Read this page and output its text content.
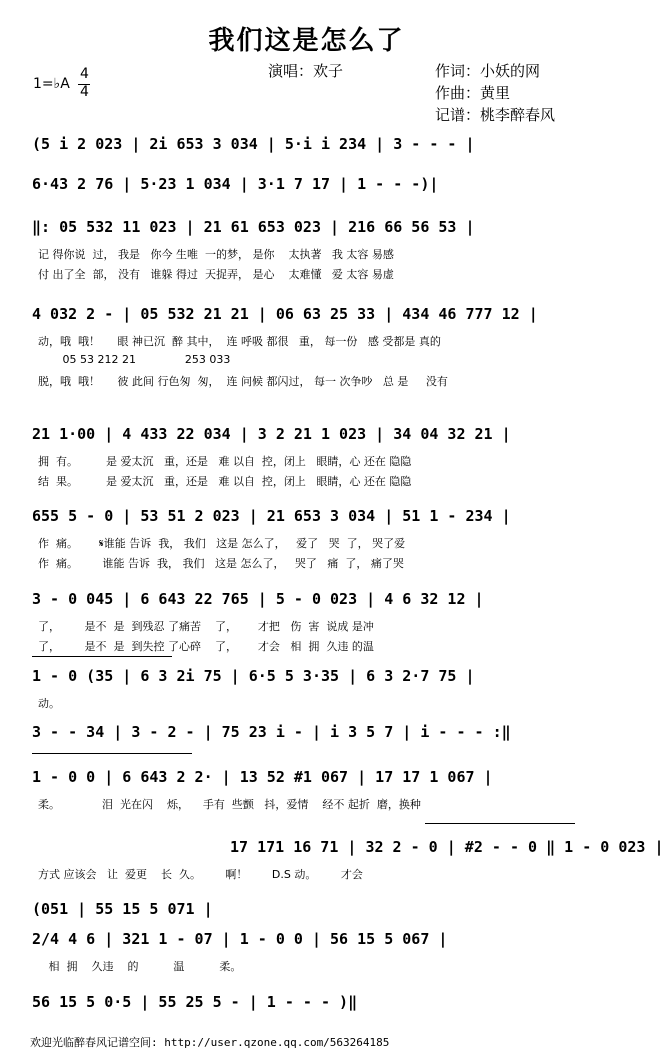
我们这是怎么了
演唱：欢子	作词：小妖的网
作曲：黄里
记谱：桃李醉春风
1=♭A
4
4
(5 i 2 023 | 2i 653 3 034 | 5·i i 234 | 3 - - - |
6·43 2 76 | 5·23 1 034 | 3·1 7 17 | 1 - - -)|
‖: 05 532 11 023 | 21 61 653 023 | 216 66 56 53 |
记 得你说  过， 我是   你今 生唯  一的梦， 是你    太执著   我 太容 易感
付 出了全  部， 没有   谁躲 得过  天捉弄， 是心    太难懂   爱 太容 易虚
4 032 2 - | 05 532 21 21 | 06 63 25 33 | 434 46 777 12 |
动，哦  哦！     眼 神已沉  醉 其中，  连 呼吸 都很   重， 每一份   感 受都是 真的
05 53 212 21              253 033
脱，哦  哦！     彼 此间 行色匆  匆，  连 问候 都闪过， 每一 次争吵   总 是     没有
21 1·00 | 4 433 22 034 | 3 2 21 1 023 | 34 04 32 21 |
拥  有。        是 爱太沉   重，还是   难 以自  控，闭上   眼睛，心 还在 隐隐
结  果。        是 爱太沉   重，还是   难 以自  控，闭上   眼睛，心 还在 隐隐
655 5 - 0 | 53 51 2 023 | 21 653 3 034 | 51 1 - 234 |
作  痛。      𝄋谁能 告诉  我， 我们   这是 怎么了，   爱了   哭  了， 哭了爱
作  痛。       谁能 告诉  我， 我们   这是 怎么了，   哭了   痛  了， 痛了哭
3 - 0 045 | 6 643 22 765 | 5 - 0 023 | 4 6 32 12 |
了，       是不  是  到残忍 了痛苦    了，      才把   伤  害  说成 是冲
了，       是不  是  到失控 了心碎    了，      才会   相  拥  久违 的温
1 - 0 (35 | 6 3 2i 75 | 6·5 5 3·35 | 6 3 2·7 75 |
动。
3 - - 34 | 3 - 2 - | 75 23 i - | i 3 5 7 | i - - - :‖
1 - 0 0 | 6 643 2 2· | 13 52 #1 067 | 17 17 1 067 |
柔。            泪  光在闪    烁，    手有  些颤   抖，爱情    经不 起折  磨，换种
17 171 16 71 | 32 2 - 0 | #2 - - 0 ‖ 1 - 0 023 |
方式 应该会   让  爱更    长  久。       啊！       D.S 动。       才会
(051 | 55 15 5 071 |
2/4 4 6 | 321 1 - 07 | 1 - 0 0 | 56 15 5 067 |
相  拥    久违    的          温          柔。
56 15 5 0·5 | 55 25 5 - | 1 - - - )‖
欢迎光临醉春风记谱空间: http://user.qzone.qq.com/563264185
